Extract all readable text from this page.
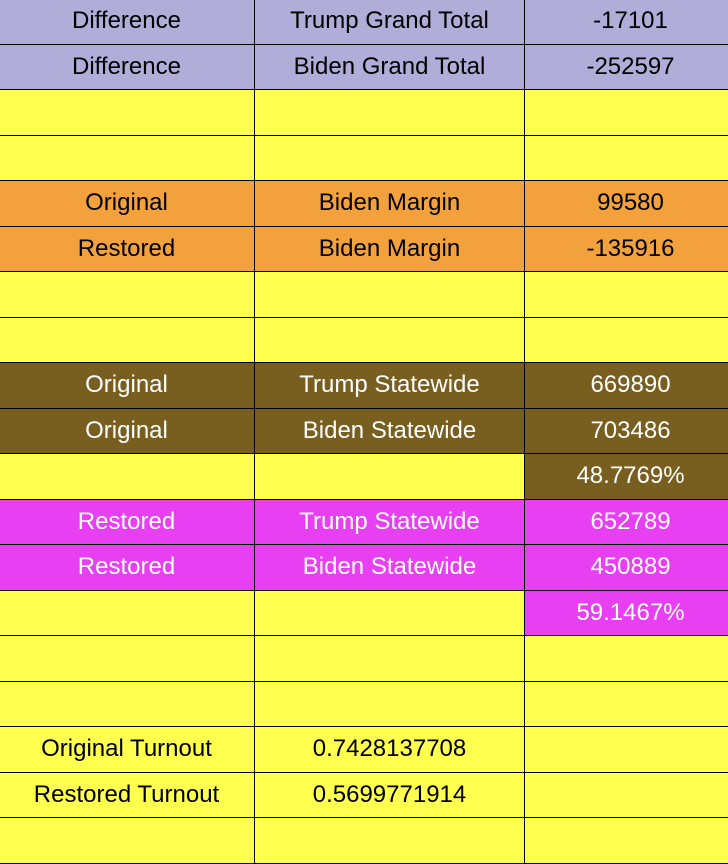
Difference	Trump Grand Total	-17101
Difference	Biden Grand Total	-252597

Original	Biden Margin	99580
Restored	Biden Margin	-135916

Original	Trump Statewide	669890
Original	Biden Statewide	703486
		48.7769%
Restored	Trump Statewide	652789
Restored	Biden Statewide	450889
		59.1467%

Original Turnout	0.7428137708	
Restored Turnout	0.5699771914	
